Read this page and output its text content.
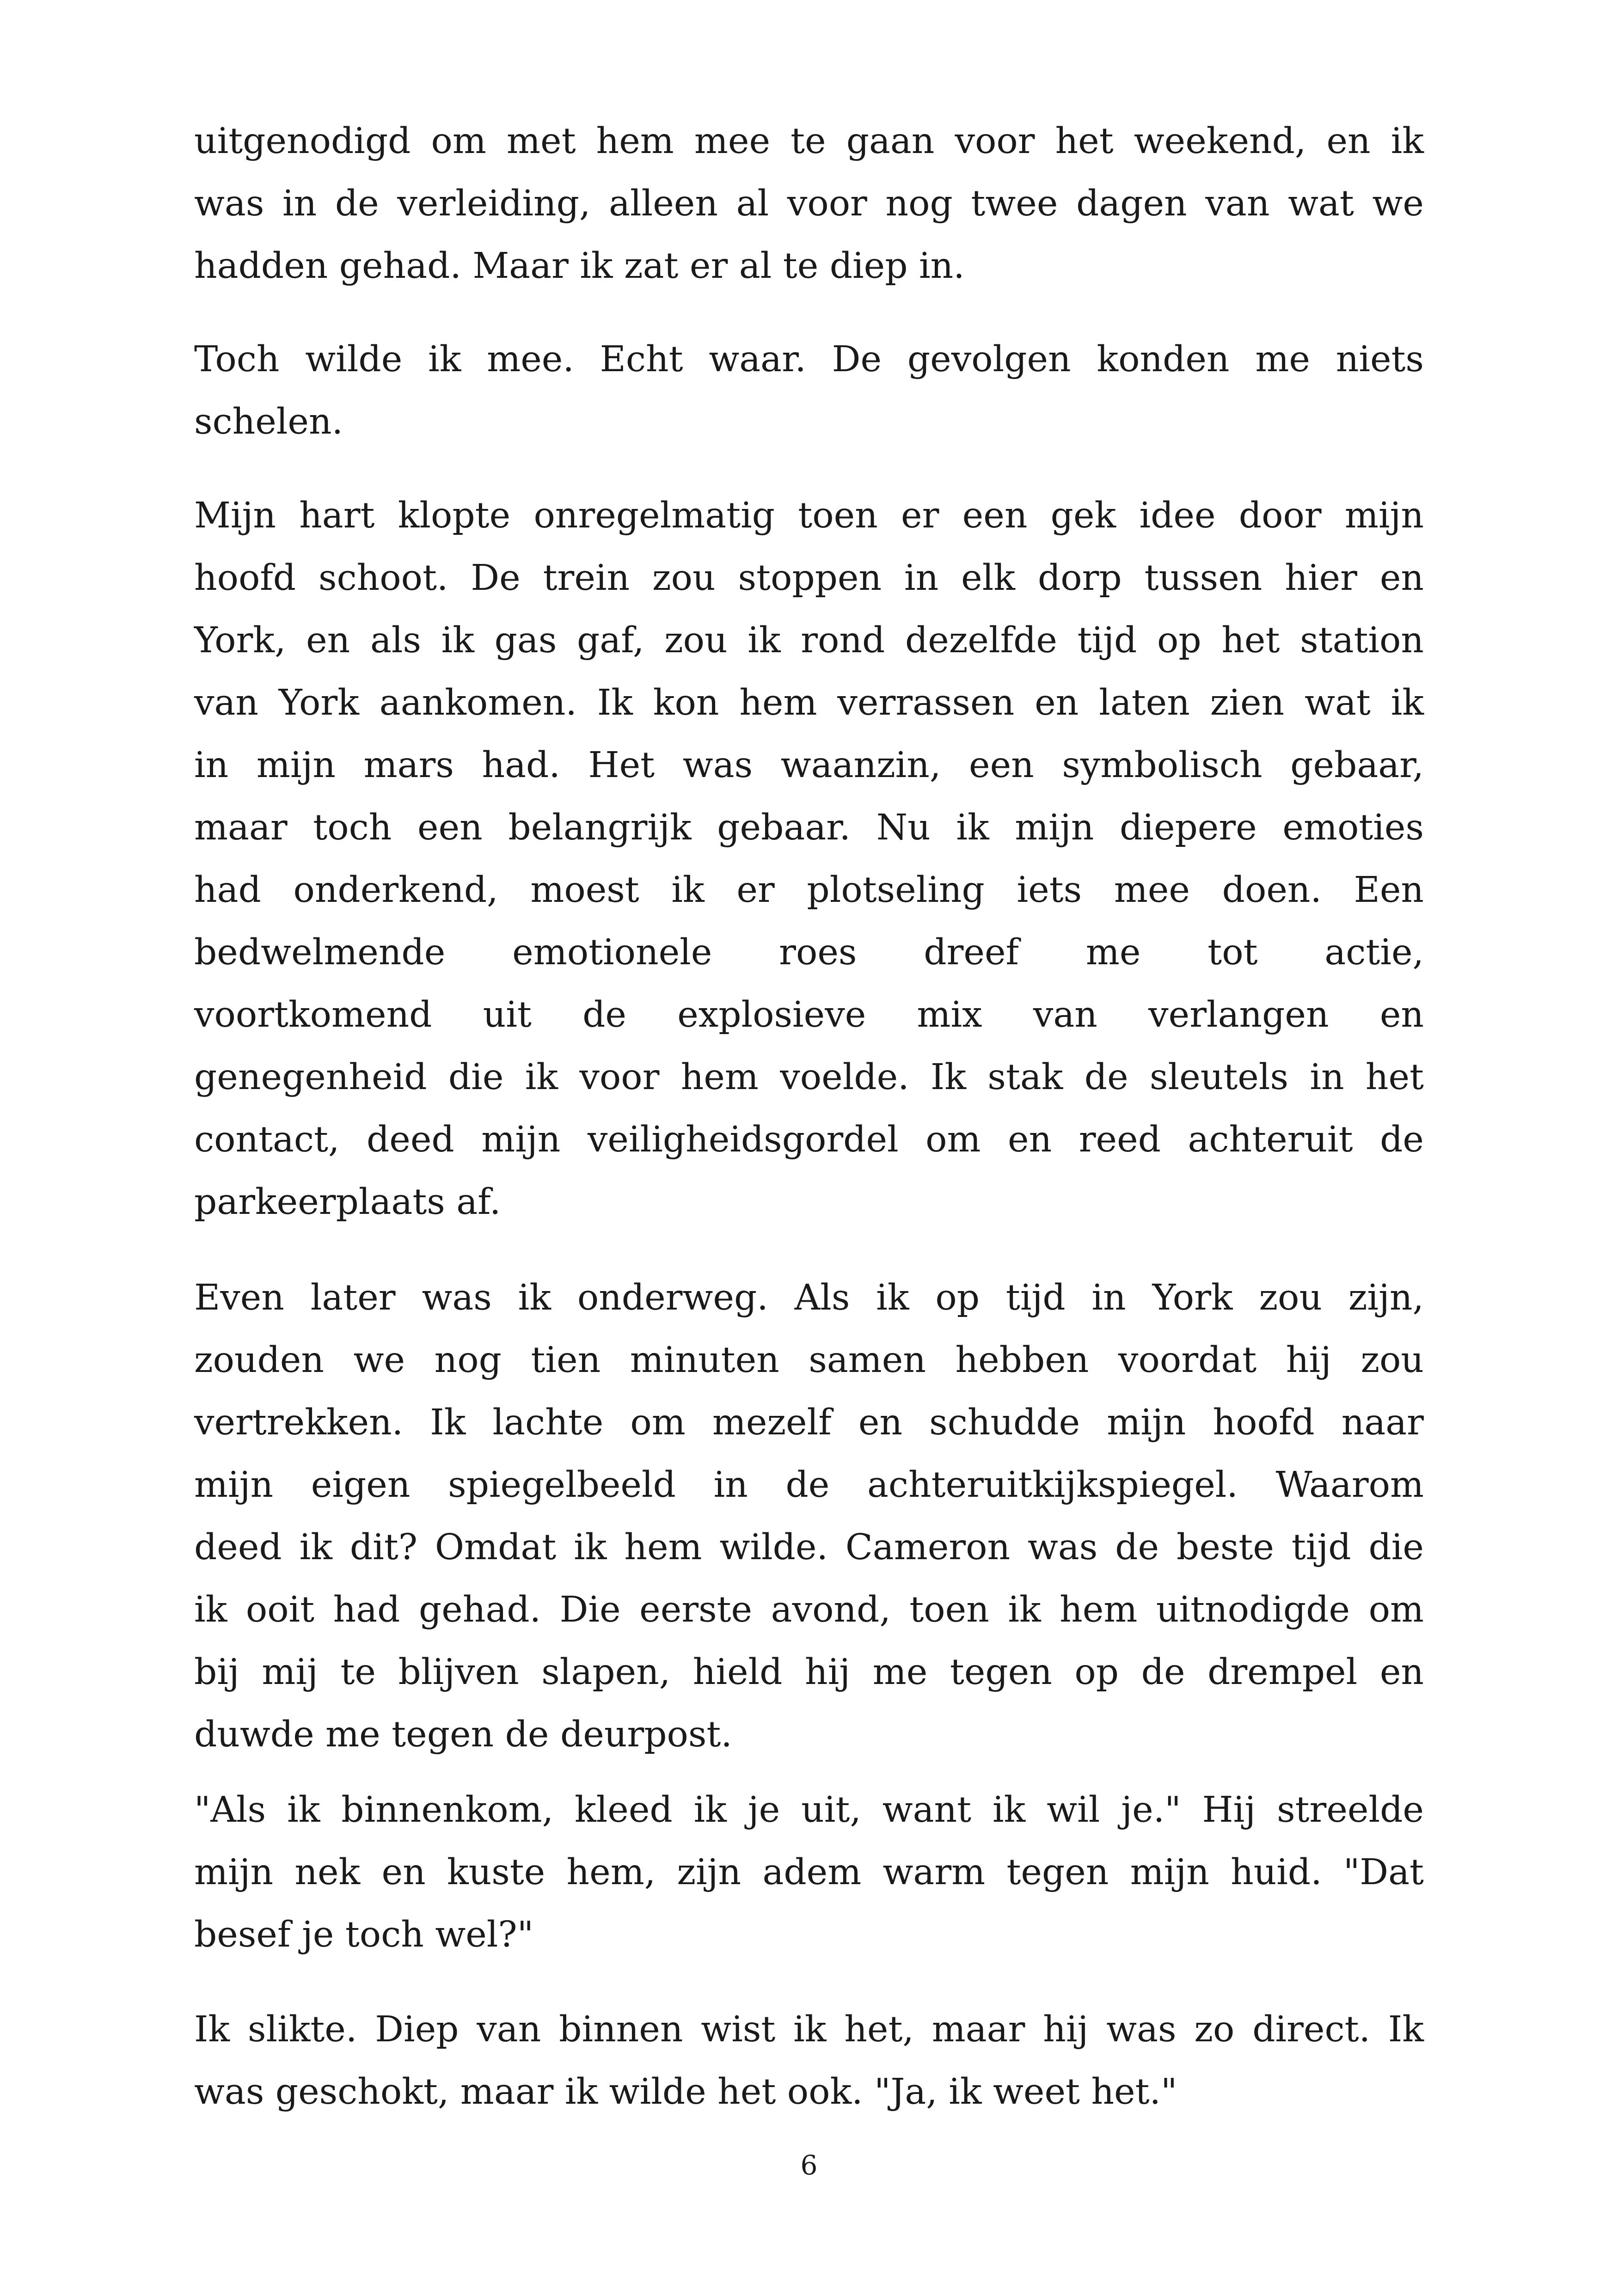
uitgenodigd om met hem mee te gaan voor het weekend, en ik
was in de verleiding, alleen al voor nog twee dagen van wat we
hadden gehad. Maar ik zat er al te diep in.

Toch wilde ik mee. Echt waar. De gevolgen konden me niets
schelen.

Mijn hart klopte onregelmatig toen er een gek idee door mijn
hoofd schoot. De trein zou stoppen in elk dorp tussen hier en
York, en als ik gas gaf, zou ik rond dezelfde tijd op het station
van York aankomen. Ik kon hem verrassen en laten zien wat ik
in mijn mars had. Het was waanzin, een symbolisch gebaar,
maar toch een belangrijk gebaar. Nu ik mijn diepere emoties
had onderkend, moest ik er plotseling iets mee doen. Een
bedwelmende emotionele roes dreef me tot actie,
voortkomend uit de explosieve mix van verlangen en
genegenheid die ik voor hem voelde. Ik stak de sleutels in het
contact, deed mijn veiligheidsgordel om en reed achteruit de
parkeerplaats af.

Even later was ik onderweg. Als ik op tijd in York zou zijn,
zouden we nog tien minuten samen hebben voordat hij zou
vertrekken. Ik lachte om mezelf en schudde mijn hoofd naar
mijn eigen spiegelbeeld in de achteruitkijkspiegel. Waarom
deed ik dit? Omdat ik hem wilde. Cameron was de beste tijd die
ik ooit had gehad. Die eerste avond, toen ik hem uitnodigde om
bij mij te blijven slapen, hield hij me tegen op de drempel en
duwde me tegen de deurpost.

"Als ik binnenkom, kleed ik je uit, want ik wil je." Hij streelde
mijn nek en kuste hem, zijn adem warm tegen mijn huid. "Dat
besef je toch wel?"

Ik slikte. Diep van binnen wist ik het, maar hij was zo direct. Ik
was geschokt, maar ik wilde het ook. "Ja, ik weet het."

6
